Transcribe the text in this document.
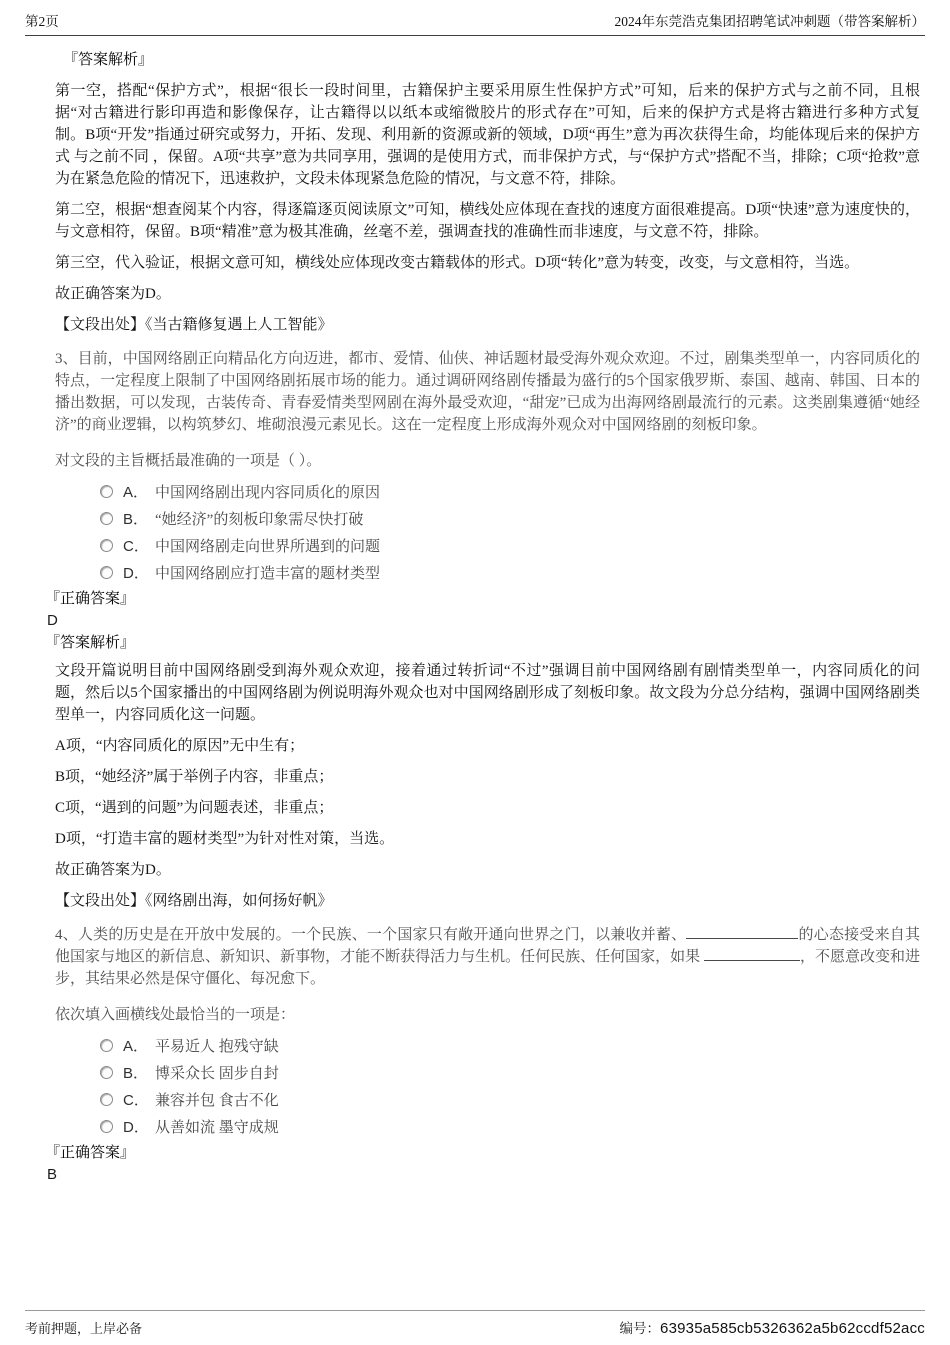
第2页	2024年东莞浩克集团招聘笔试冲刺题（带答案解析）

『答案解析』

第一空，搭配“保护方式”，根据“很长一段时间里，古籍保护主要采用原生性保护方式”可知，后来的保护方式与之前不同，且根据“对古籍进行影印再造和影像保存，让古籍得以以纸本或缩微胶片的形式存在”可知，后来的保护方式是将古籍进行多种方式复制。B项“开发”指通过研究或努力，开拓、发现、利用新的资源或新的领域，D项“再生”意为再次获得生命，均能体现后来的保护方式 与之前不同 ，保留。A项“共享”意为共同享用，强调的是使用方式，而非保护方式，与“保护方式”搭配不当，排除；C项“抢救”意为在紧急危险的情况下，迅速救护，文段未体现紧急危险的情况，与文意不符，排除。

第二空，根据“想查阅某个内容，得逐篇逐页阅读原文”可知，横线处应体现在查找的速度方面很难提高。D项“快速”意为速度快的，与文意相符，保留。B项“精准”意为极其准确，丝毫不差，强调查找的准确性而非速度，与文意不符，排除。

第三空，代入验证，根据文意可知，横线处应体现改变古籍载体的形式。D项“转化”意为转变，改变，与文意相符，当选。

故正确答案为D。

【文段出处】《当古籍修复遇上人工智能》

3、目前，中国网络剧正向精品化方向迈进，都市、爱情、仙侠、神话题材最受海外观众欢迎。不过，剧集类型单一，内容同质化的特点，一定程度上限制了中国网络剧拓展市场的能力。通过调研网络剧传播最为盛行的5个国家俄罗斯、泰国、越南、韩国、日本的播出数据，可以发现，古装传奇、青春爱情类型网剧在海外最受欢迎，“甜宠”已成为出海网络剧最流行的元素。这类剧集遵循“她经济”的商业逻辑，以构筑梦幻、堆砌浪漫元素见长。这在一定程度上形成海外观众对中国网络剧的刻板印象。

对文段的主旨概括最准确的一项是（ ）。

A． 中国网络剧出现内容同质化的原因
B． “她经济”的刻板印象需尽快打破
C． 中国网络剧走向世界所遇到的问题
D． 中国网络剧应打造丰富的题材类型

『正确答案』

D

『答案解析』

文段开篇说明目前中国网络剧受到海外观众欢迎，接着通过转折词“不过”强调目前中国网络剧有剧情类型单一，内容同质化的问题，然后以5个国家播出的中国网络剧为例说明海外观众也对中国网络剧形成了刻板印象。故文段为分总分结构，强调中国网络剧类型单一，内容同质化这一问题。

A项，“内容同质化的原因”无中生有；

B项，“她经济”属于举例子内容，非重点；

C项，“遇到的问题”为问题表述，非重点；

D项，“打造丰富的题材类型”为针对性对策，当选。

故正确答案为D。

【文段出处】《网络剧出海，如何扬好帆》

4、人类的历史是在开放中发展的。一个民族、一个国家只有敞开通向世界之门，以兼收并蓄、	的心态接受来自其他国家与地区的新信息、新知识、新事物，才能不断获得活力与生机。任何民族、任何国家，如果	，不愿意改变和进步，其结果必然是保守僵化、每况愈下。

依次填入画横线处最恰当的一项是：

A． 平易近人 抱残守缺
B． 博采众长 固步自封
C． 兼容并包 食古不化
D． 从善如流 墨守成规

『正确答案』

B

考前押题，上岸必备	编号：63935a585cb5326362a5b62ccdf52acc
